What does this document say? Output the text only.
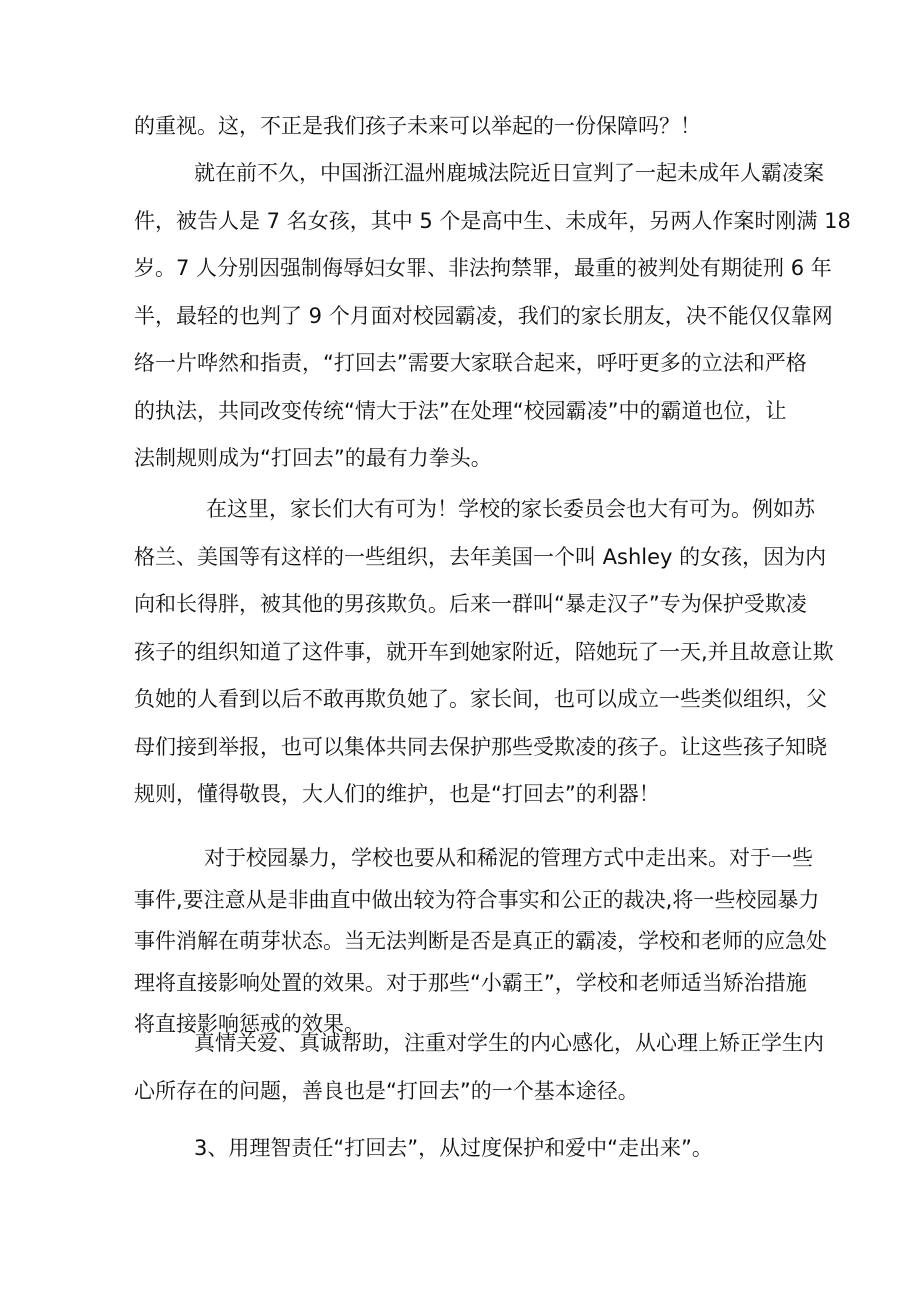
的重视。这，不正是我们孩子未来可以举起的一份保障吗？！
就在前不久，中国浙江温州鹿城法院近日宣判了一起未成年人霸凌案
件，被告人是 7 名女孩，其中 5 个是高中生、未成年，另两人作案时刚满 18
岁。7 人分别因强制侮辱妇女罪、非法拘禁罪，最重的被判处有期徒刑 6 年
半，最轻的也判了 9 个月面对校园霸凌，我们的家长朋友，决不能仅仅靠网
络一片哗然和指责，“打回去”需要大家联合起来，呼吁更多的立法和严格
的执法，共同改变传统“情大于法”在处理“校园霸凌”中的霸道也位，让
法制规则成为“打回去”的最有力拳头。
在这里，家长们大有可为！学校的家长委员会也大有可为。例如苏
格兰、美国等有这样的一些组织，去年美国一个叫 Ashley 的女孩，因为内
向和长得胖，被其他的男孩欺负。后来一群叫“暴走汉子”专为保护受欺凌
孩子的组织知道了这件事，就开车到她家附近，陪她玩了一天,并且故意让欺
负她的人看到以后不敢再欺负她了。家长间，也可以成立一些类似组织，父
母们接到举报，也可以集体共同去保护那些受欺凌的孩子。让这些孩子知晓
规则，懂得敬畏，大人们的维护，也是“打回去”的利器！
对于校园暴力，学校也要从和稀泥的管理方式中走出来。对于一些
事件,要注意从是非曲直中做出较为符合事实和公正的裁决,将一些校园暴力
事件消解在萌芽状态。当无法判断是否是真正的霸凌，学校和老师的应急处
理将直接影响处置的效果。对于那些“小霸王”，学校和老师适当矫治措施
将直接影响惩戒的效果。
真情关爱、真诚帮助，注重对学生的内心感化，从心理上矫正学生内
心所存在的问题，善良也是“打回去”的一个基本途径。
3、用理智责任“打回去”，从过度保护和爱中“走出来”。
